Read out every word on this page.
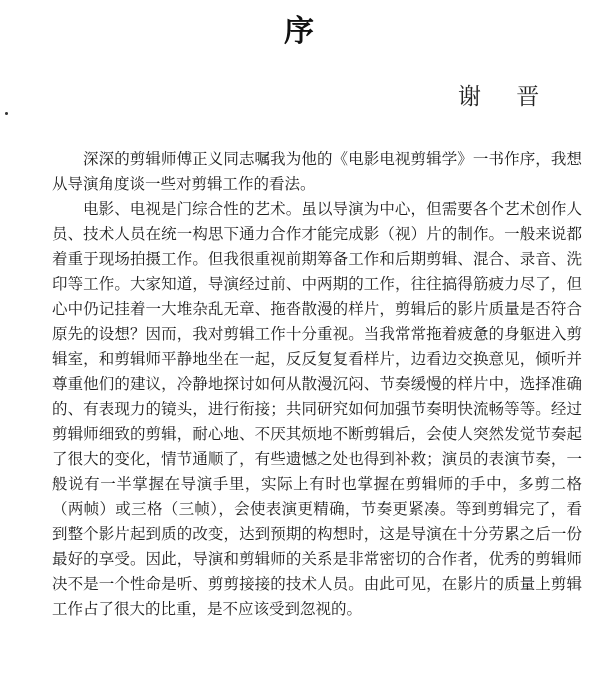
序
谢 晋

深深的剪辑师傅正义同志嘱我为他的《电影电视剪辑学》一书作序，我想从导演角度谈一些对剪辑工作的看法。

电影、电视是门综合性的艺术。虽以导演为中心，但需要各个艺术创作人员、技术人员在统一构思下通力合作才能完成影（视）片的制作。一般来说都着重于现场拍摄工作。但我很重视前期筹备工作和后期剪辑、混合、录音、洗印等工作。大家知道，导演经过前、中两期的工作，往往搞得筋疲力尽了，但心中仍记挂着一大堆杂乱无章、拖沓散漫的样片，剪辑后的影片质量是否符合原先的设想？因而，我对剪辑工作十分重视。当我常常拖着疲惫的身躯进入剪辑室，和剪辑师平静地坐在一起，反反复复看样片，边看边交换意见，倾听并尊重他们的建议，冷静地探讨如何从散漫沉闷、节奏缓慢的样片中，选择准确的、有表现力的镜头，进行衔接；共同研究如何加强节奏明快流畅等等。经过剪辑师细致的剪辑，耐心地、不厌其烦地不断剪辑后，会使人突然发觉节奏起了很大的变化，情节通顺了，有些遗憾之处也得到补救；演员的表演节奏，一般说有一半掌握在导演手里，实际上有时也掌握在剪辑师的手中，多剪二格（两帧）或三格（三帧），会使表演更精确，节奏更紧凑。等到剪辑完了，看到整个影片起到质的改变，达到预期的构想时，这是导演在十分劳累之后一份最好的享受。因此，导演和剪辑师的关系是非常密切的合作者，优秀的剪辑师决不是一个性命是听、剪剪接接的技术人员。由此可见，在影片的质量上剪辑工作占了很大的比重，是不应该受到忽视的。
